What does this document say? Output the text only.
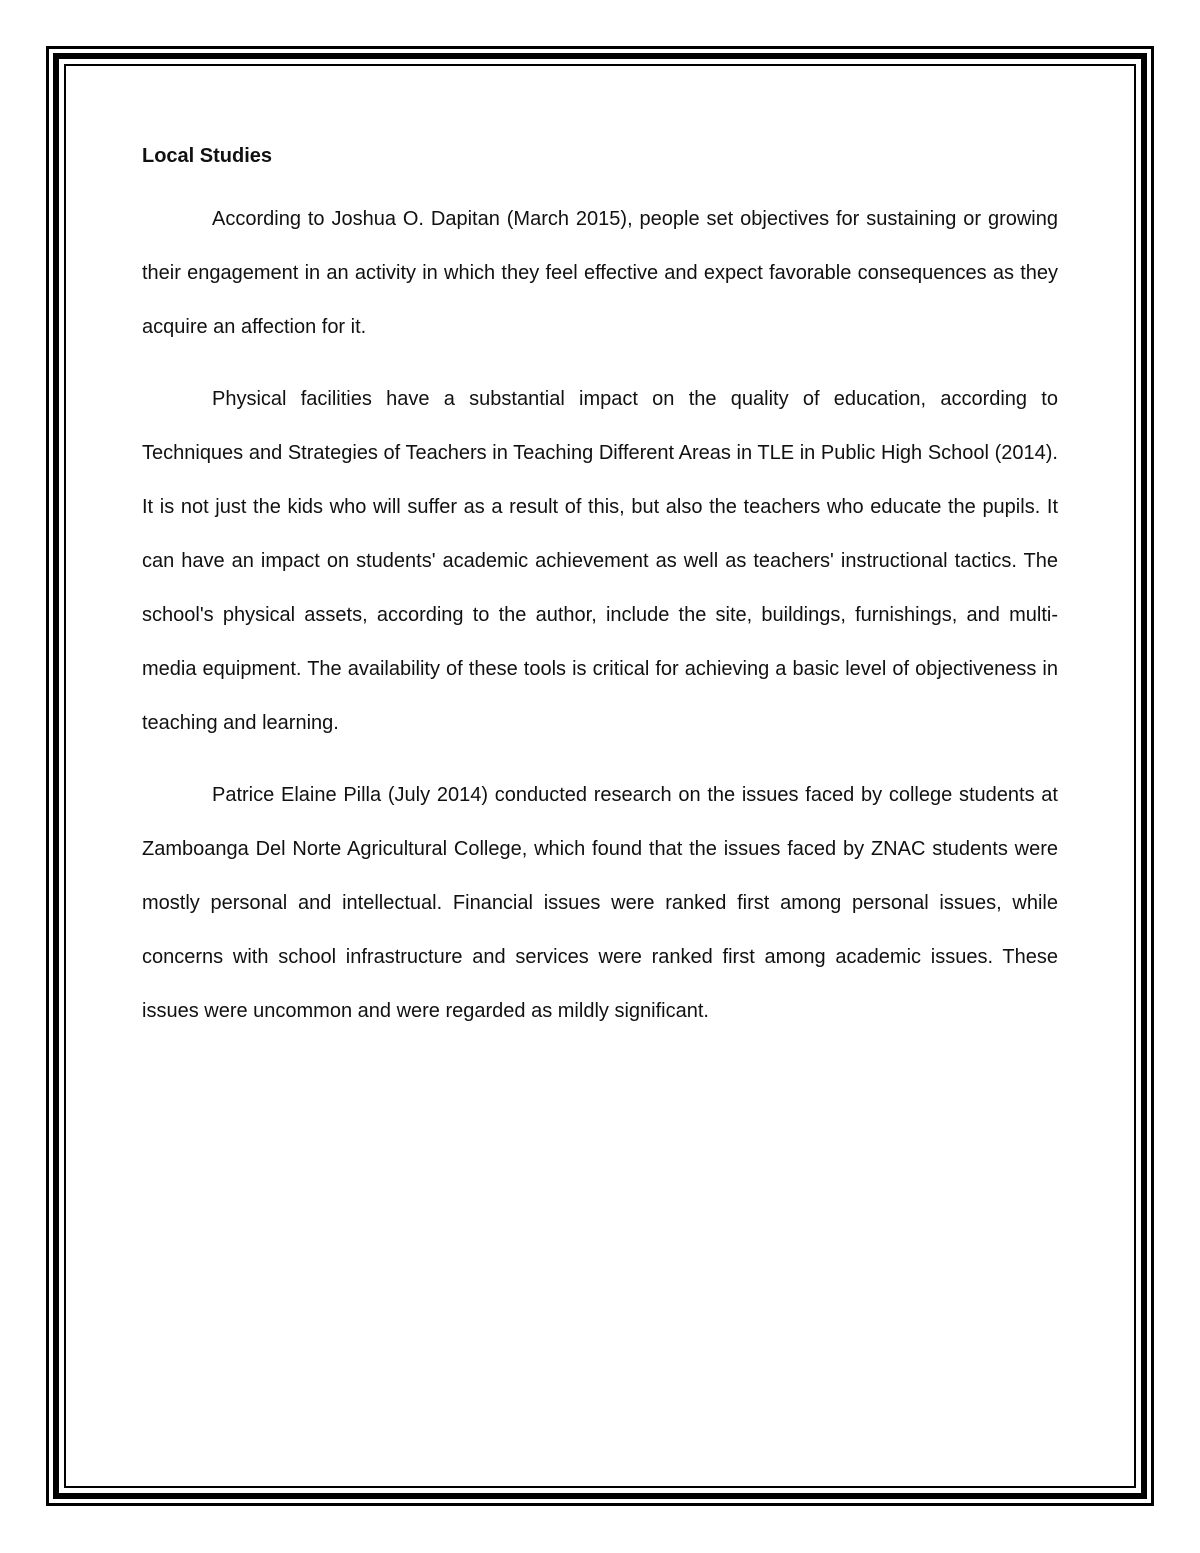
Local Studies

According to Joshua O. Dapitan (March 2015), people set objectives for sustaining or growing their engagement in an activity in which they feel effective and expect favorable consequences as they acquire an affection for it.

Physical facilities have a substantial impact on the quality of education, according to Techniques and Strategies of Teachers in Teaching Different Areas in TLE in Public High School (2014). It is not just the kids who will suffer as a result of this, but also the teachers who educate the pupils. It can have an impact on students' academic achievement as well as teachers' instructional tactics. The school's physical assets, according to the author, include the site, buildings, furnishings, and multi-media equipment. The availability of these tools is critical for achieving a basic level of objectiveness in teaching and learning.

Patrice Elaine Pilla (July 2014) conducted research on the issues faced by college students at Zamboanga Del Norte Agricultural College, which found that the issues faced by ZNAC students were mostly personal and intellectual. Financial issues were ranked first among personal issues, while concerns with school infrastructure and services were ranked first among academic issues. These issues were uncommon and were regarded as mildly significant.
